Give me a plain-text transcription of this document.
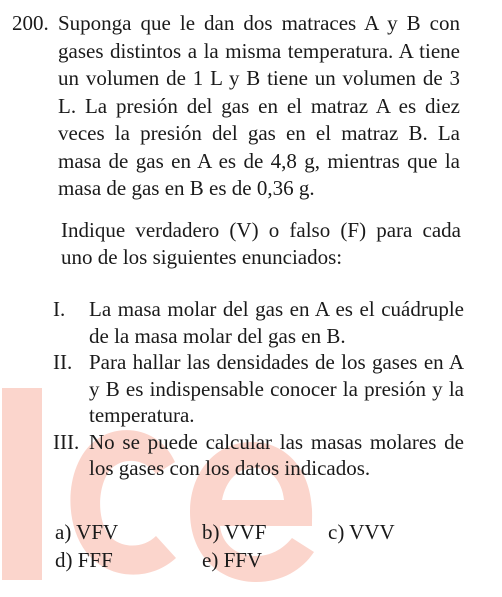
200. Suponga que le dan dos matraces A y B con gases distintos a la misma temperatura. A tiene un volumen de 1 L y B tiene un volumen de 3 L. La presión del gas en el matraz A es diez veces la presión del gas en el matraz B. La masa de gas en A es de 4,8 g, mientras que la masa de gas en B es de 0,36 g.
Indique verdadero (V) o falso (F) para cada uno de los siguientes enunciados:
I. La masa molar del gas en A es el cuádruple de la masa molar del gas en B.
II. Para hallar las densidades de los gases en A y B es indispensable conocer la presión y la temperatura.
III. No se puede calcular las masas molares de los gases con los datos indicados.
a) VFV	b) VVF	c) VVV
d) FFF	e) FFV
